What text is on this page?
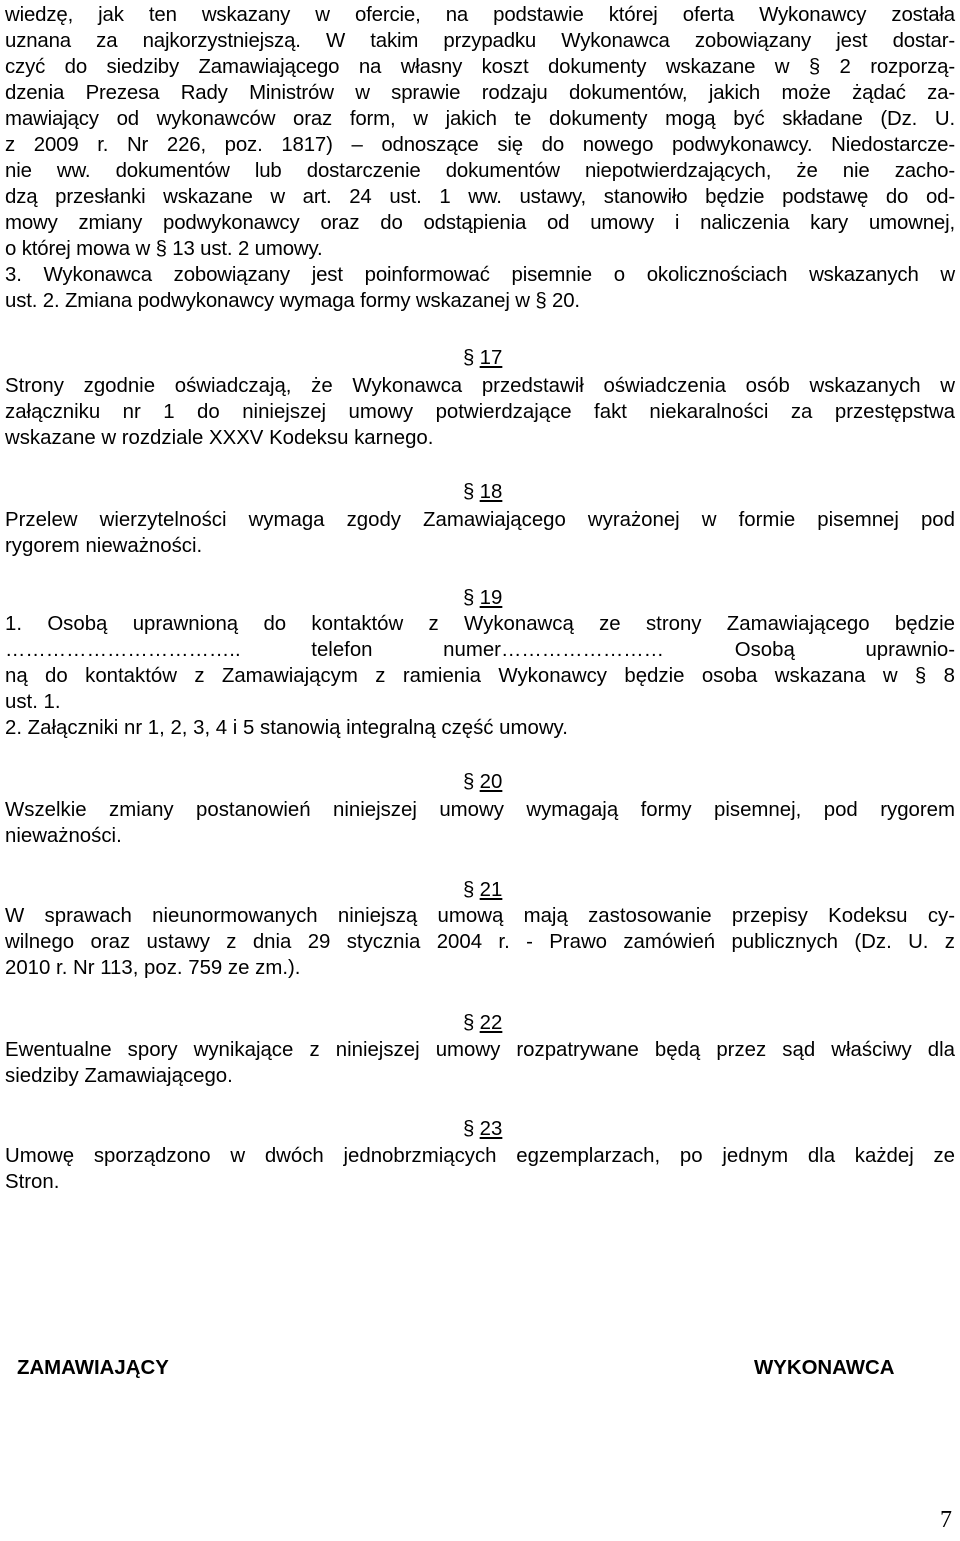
wiedzę, jak ten wskazany w ofercie, na podstawie której oferta Wykonawcy została
uznana za najkorzystniejszą. W takim przypadku Wykonawca zobowiązany jest dostar-
czyć do siedziby Zamawiającego na własny koszt dokumenty wskazane w § 2 rozporzą-
dzenia Prezesa Rady Ministrów w sprawie rodzaju dokumentów, jakich może żądać za-
mawiający od wykonawców oraz form, w jakich te dokumenty mogą być składane (Dz. U.
z 2009 r. Nr 226, poz. 1817) – odnoszące się do nowego podwykonawcy. Niedostarcze-
nie ww. dokumentów lub dostarczenie dokumentów niepotwierdzających, że nie zacho-
dzą przesłanki wskazane w art. 24 ust. 1 ww. ustawy, stanowiło będzie podstawę do od-
mowy zmiany podwykonawcy oraz do odstąpienia od umowy i naliczenia kary umownej,
o której mowa w § 13 ust. 2 umowy.
3. Wykonawca zobowiązany jest poinformować pisemnie o okolicznościach wskazanych w
ust. 2. Zmiana podwykonawcy wymaga formy wskazanej w § 20.
§ 17
Strony zgodnie oświadczają, że Wykonawca przedstawił oświadczenia osób wskazanych w
załączniku nr 1 do niniejszej umowy potwierdzające fakt niekaralności za przestępstwa
wskazane w rozdziale XXXV Kodeksu karnego.
§ 18
Przelew wierzytelności wymaga zgody Zamawiającego wyrażonej w formie pisemnej pod
rygorem nieważności.
§ 19
1. Osobą uprawnioną do kontaktów z Wykonawcą ze strony Zamawiającego będzie
…………………………….. telefon numer…………………… Osobą uprawnio-
ną do kontaktów z Zamawiającym z ramienia Wykonawcy będzie osoba wskazana w § 8
ust. 1.
2. Załączniki nr 1, 2, 3, 4 i 5 stanowią integralną część umowy.
§ 20
Wszelkie zmiany postanowień niniejszej umowy wymagają formy pisemnej, pod rygorem
nieważności.
§ 21
W sprawach nieunormowanych niniejszą umową mają zastosowanie przepisy Kodeksu cy-
wilnego oraz ustawy z dnia 29 stycznia 2004 r. - Prawo zamówień publicznych (Dz. U. z
2010 r. Nr 113, poz. 759 ze zm.).
§ 22
Ewentualne spory wynikające z niniejszej umowy rozpatrywane będą przez sąd właściwy dla
siedziby Zamawiającego.
§ 23
Umowę sporządzono w dwóch jednobrzmiących egzemplarzach, po jednym dla każdej ze
Stron.
ZAMAWIAJĄCY	WYKONAWCA
7
